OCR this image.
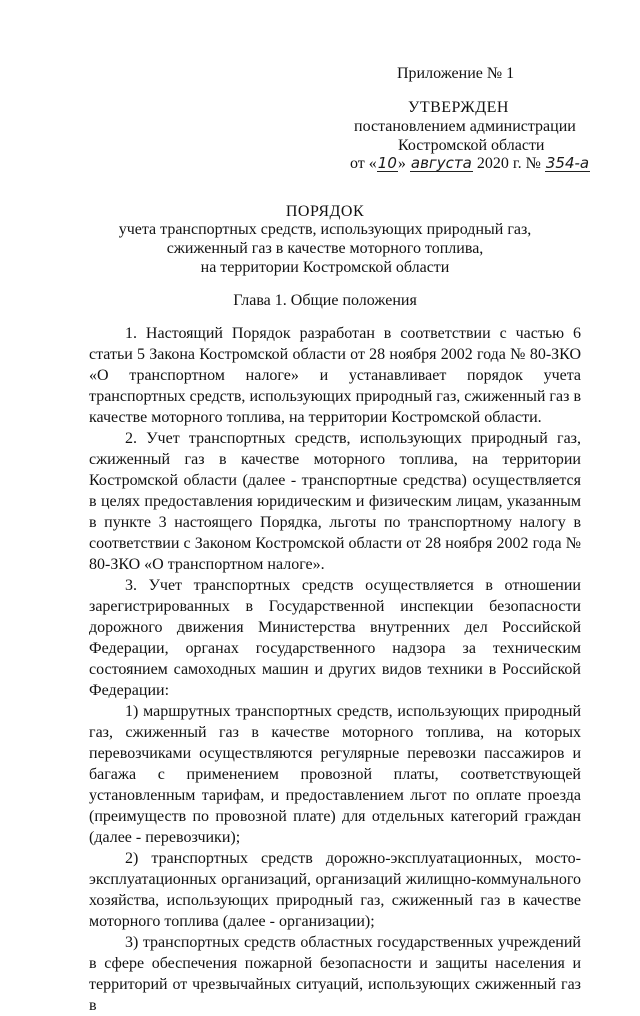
Приложение № 1
УТВЕРЖДЕН
постановлением администрации
Костромской области
от «10» августа 2020 г. № 354-а
ПОРЯДОК
учета транспортных средств, использующих природный газ,
сжиженный газ в качестве моторного топлива,
на территории Костромской области
Глава 1. Общие положения

1. Настоящий Порядок разработан в соответствии с частью 6 статьи 5 Закона Костромской области от 28 ноября 2002 года № 80-ЗКО «О транспортном налоге» и устанавливает порядок учета транспортных средств, использующих природный газ, сжиженный газ в качестве моторного топлива, на территории Костромской области.

2. Учет транспортных средств, использующих природный газ, сжиженный газ в качестве моторного топлива, на территории Костромской области (далее - транспортные средства) осуществляется в целях предоставления юридическим и физическим лицам, указанным в пункте 3 настоящего Порядка, льготы по транспортному налогу в соответствии с Законом Костромской области от 28 ноября 2002 года № 80-ЗКО «О транспортном налоге».

3. Учет транспортных средств осуществляется в отношении зарегистрированных в Государственной инспекции безопасности дорожного движения Министерства внутренних дел Российской Федерации, органах государственного надзора за техническим состоянием самоходных машин и других видов техники в Российской Федерации:

1) маршрутных транспортных средств, использующих природный газ, сжиженный газ в качестве моторного топлива, на которых перевозчиками осуществляются регулярные перевозки пассажиров и багажа с применением провозной платы, соответствующей установленным тарифам, и предоставлением льгот по оплате проезда (преимуществ по провозной плате) для отдельных категорий граждан (далее - перевозчики);

2) транспортных средств дорожно-эксплуатационных, мосто-эксплуатационных организаций, организаций жилищно-коммунального хозяйства, использующих природный газ, сжиженный газ в качестве моторного топлива (далее - организации);

3) транспортных средств областных государственных учреждений в сфере обеспечения пожарной безопасности и защиты населения и территорий от чрезвычайных ситуаций, использующих сжиженный газ в
